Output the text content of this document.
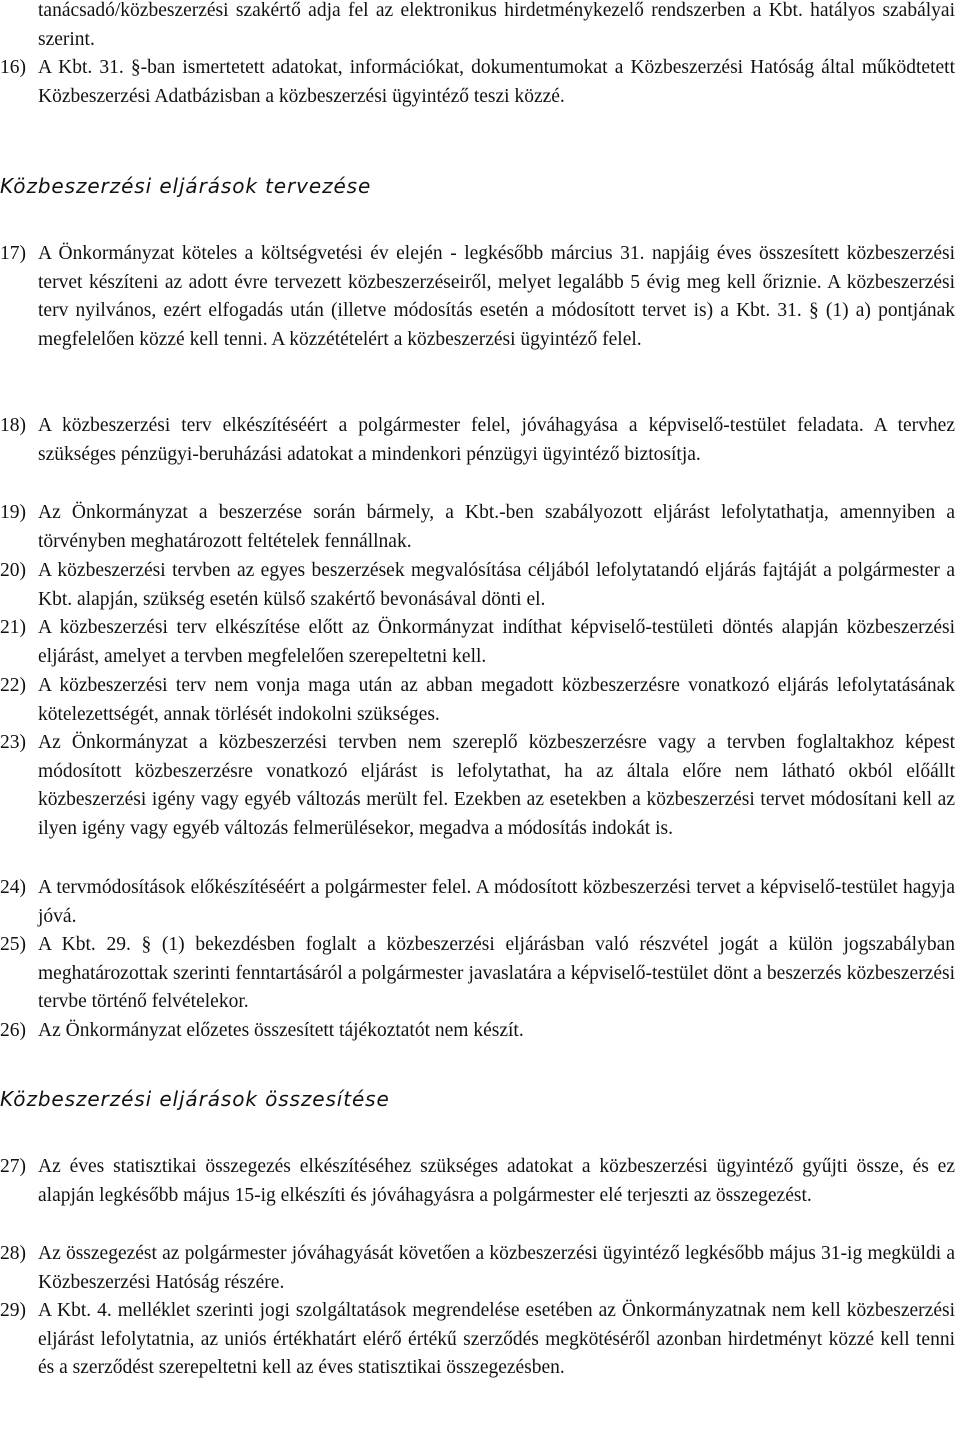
tanácsadó/közbeszerzési szakértő adja fel az elektronikus hirdetménykezelő rendszerben a Kbt. hatályos szabályai szerint.

16) A Kbt. 31. §-ban ismertetett adatokat, információkat, dokumentumokat a Közbeszerzési Hatóság által működtetett Közbeszerzési Adatbázisban a közbeszerzési ügyintéző teszi közzé.
Közbeszerzési eljárások tervezése
17) A Önkormányzat köteles a költségvetési év elején - legkésőbb március 31. napjáig éves összesített közbeszerzési tervet készíteni az adott évre tervezett közbeszerzéseiről, melyet legalább 5 évig meg kell őriznie. A közbeszerzési terv nyilvános, ezért elfogadás után (illetve módosítás esetén a módosított tervet is) a Kbt. 31. § (1) a) pontjának megfelelően közzé kell tenni. A közzétételért a közbeszerzési ügyintéző felel.
18) A közbeszerzési terv elkészítéséért a polgármester felel, jóváhagyása a képviselő-testület feladata. A tervhez szükséges pénzügyi-beruházási adatokat a mindenkori pénzügyi ügyintéző biztosítja.
19) Az Önkormányzat a beszerzése során bármely, a Kbt.-ben szabályozott eljárást lefolytathatja, amennyiben a törvényben meghatározott feltételek fennállnak.
20) A közbeszerzési tervben az egyes beszerzések megvalósítása céljából lefolytatandó eljárás fajtáját a polgármester a Kbt. alapján, szükség esetén külső szakértő bevonásával dönti el.
21) A közbeszerzési terv elkészítése előtt az Önkormányzat indíthat képviselő-testületi döntés alapján közbeszerzési eljárást, amelyet a tervben megfelelően szerepeltetni kell.
22) A közbeszerzési terv nem vonja maga után az abban megadott közbeszerzésre vonatkozó eljárás lefolytatásának kötelezettségét, annak törlését indokolni szükséges.
23) Az Önkormányzat a közbeszerzési tervben nem szereplő közbeszerzésre vagy a tervben foglaltakhoz képest módosított közbeszerzésre vonatkozó eljárást is lefolytathat, ha az általa előre nem látható okból előállt közbeszerzési igény vagy egyéb változás merült fel. Ezekben az esetekben a közbeszerzési tervet módosítani kell az ilyen igény vagy egyéb változás felmerülésekor, megadva a módosítás indokát is.
24) A tervmódosítások előkészítéséért a polgármester felel. A módosított közbeszerzési tervet a képviselő-testület hagyja jóvá.
25) A Kbt. 29. § (1) bekezdésben foglalt a közbeszerzési eljárásban való részvétel jogát a külön jogszabályban meghatározottak szerinti fenntartásáról a polgármester javaslatára a képviselő-testület dönt a beszerzés közbeszerzési tervbe történő felvételekor.
26) Az Önkormányzat előzetes összesített tájékoztatót nem készít.
Közbeszerzési eljárások összesítése
27) Az éves statisztikai összegezés elkészítéséhez szükséges adatokat a közbeszerzési ügyintéző gyűjti össze, és ez alapján legkésőbb május 15-ig elkészíti és jóváhagyásra a polgármester elé terjeszti az összegezést.
28) Az összegezést az polgármester jóváhagyását követően a közbeszerzési ügyintéző legkésőbb május 31-ig megküldi a Közbeszerzési Hatóság részére.
29) A Kbt. 4. melléklet szerinti jogi szolgáltatások megrendelése esetében az Önkormányzatnak nem kell közbeszerzési eljárást lefolytatnia, az uniós értékhatárt elérő értékű szerződés megkötéséről azonban hirdetményt közzé kell tenni és a szerződést szerepeltetni kell az éves statisztikai összegezésben.
